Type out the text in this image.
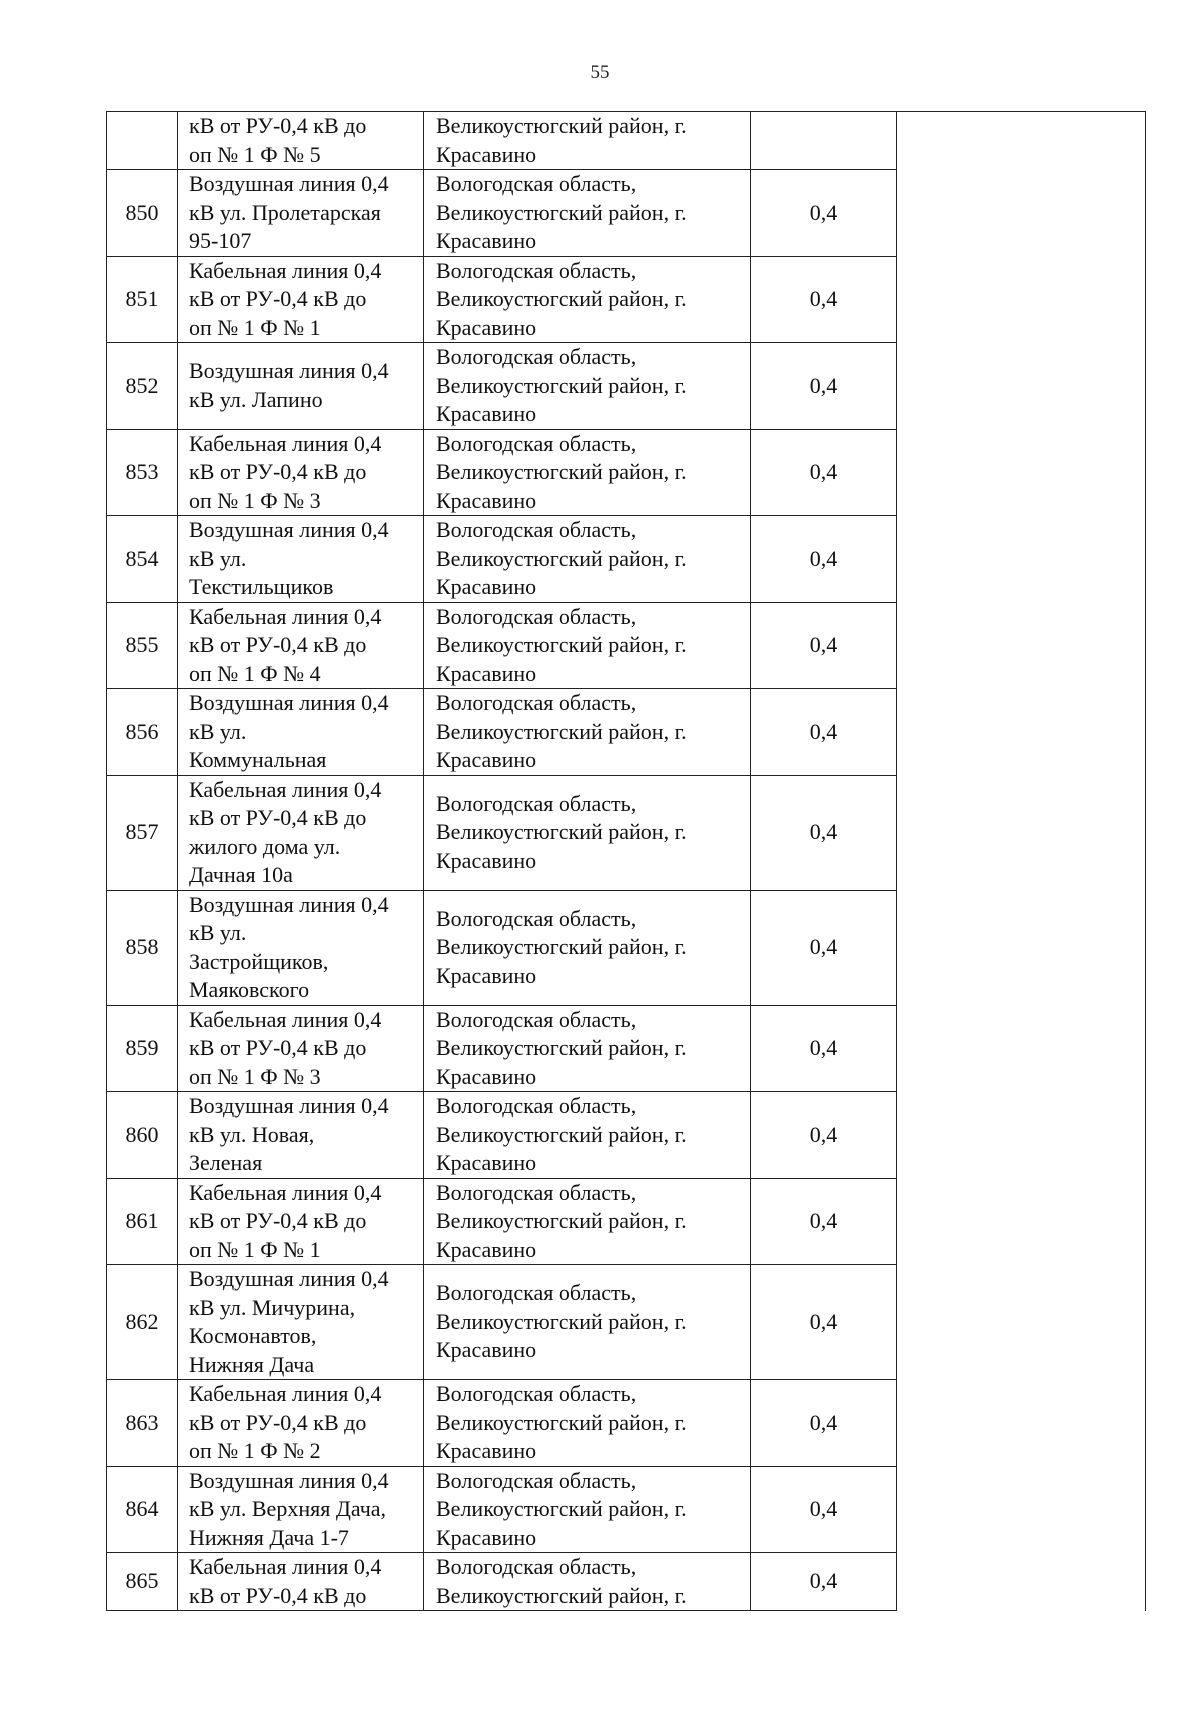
55
	кВ от РУ-0,4 кВ до
оп № 1 Ф № 5	Великоустюгский район, г.
Красавино		
850	Воздушная линия 0,4
кВ ул. Пролетарская
95-107	Вологодская область,
Великоустюгский район, г.
Красавино	0,4	
851	Кабельная линия 0,4
кВ от РУ-0,4 кВ до
оп № 1 Ф № 1	Вологодская область,
Великоустюгский район, г.
Красавино	0,4	
852	Воздушная линия 0,4
кВ ул. Лапино	Вологодская область,
Великоустюгский район, г.
Красавино	0,4	
853	Кабельная линия 0,4
кВ от РУ-0,4 кВ до
оп № 1 Ф № 3	Вологодская область,
Великоустюгский район, г.
Красавино	0,4	
854	Воздушная линия 0,4
кВ ул.
Текстильщиков	Вологодская область,
Великоустюгский район, г.
Красавино	0,4	
855	Кабельная линия 0,4
кВ от РУ-0,4 кВ до
оп № 1 Ф № 4	Вологодская область,
Великоустюгский район, г.
Красавино	0,4	
856	Воздушная линия 0,4
кВ ул.
Коммунальная	Вологодская область,
Великоустюгский район, г.
Красавино	0,4	
857	Кабельная линия 0,4
кВ от РУ-0,4 кВ до
жилого дома ул.
Дачная 10а	Вологодская область,
Великоустюгский район, г.
Красавино	0,4	
858	Воздушная линия 0,4
кВ ул.
Застройщиков,
Маяковского	Вологодская область,
Великоустюгский район, г.
Красавино	0,4	
859	Кабельная линия 0,4
кВ от РУ-0,4 кВ до
оп № 1 Ф № 3	Вологодская область,
Великоустюгский район, г.
Красавино	0,4	
860	Воздушная линия 0,4
кВ ул. Новая,
Зеленая	Вологодская область,
Великоустюгский район, г.
Красавино	0,4	
861	Кабельная линия 0,4
кВ от РУ-0,4 кВ до
оп № 1 Ф № 1	Вологодская область,
Великоустюгский район, г.
Красавино	0,4	
862	Воздушная линия 0,4
кВ ул. Мичурина,
Космонавтов,
Нижняя Дача	Вологодская область,
Великоустюгский район, г.
Красавино	0,4	
863	Кабельная линия 0,4
кВ от РУ-0,4 кВ до
оп № 1 Ф № 2	Вологодская область,
Великоустюгский район, г.
Красавино	0,4	
864	Воздушная линия 0,4
кВ ул. Верхняя Дача,
Нижняя Дача 1-7	Вологодская область,
Великоустюгский район, г.
Красавино	0,4	
865	Кабельная линия 0,4
кВ от РУ-0,4 кВ до	Вологодская область,
Великоустюгский район, г.	0,4	
